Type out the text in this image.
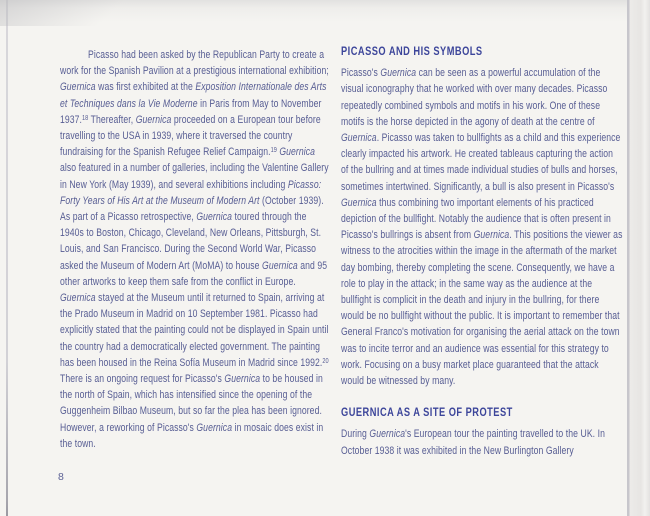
Picasso had been asked by the Republican Party to create a work for the Spanish Pavilion at a prestigious international exhibition; Guernica was first exhibited at the Exposition Internationale des Arts et Techniques dans la Vie Moderne in Paris from May to November 1937.18 Thereafter, Guernica proceeded on a European tour before travelling to the USA in 1939, where it traversed the country fundraising for the Spanish Refugee Relief Campaign.$^{19}$ Guernica also featured in a number of galleries, including the Valentine Gallery in New York (May 1939), and several exhibitions including Picasso: Forty Years of His Art at the Museum of Modern Art (October 1939). As part of a Picasso retrospective, Guernica toured through the 1940s to Boston, Chicago, Cleveland, New Orleans, Pittsburgh, St. Louis, and San Francisco. During the Second World War, Picasso asked the Museum of Modern Art (MoMA) to house Guernica and 95 other artworks to keep them safe from the conflict in Europe. Guernica stayed at the Museum until it returned to Spain, arriving at the Prado Museum in Madrid on 10 September 1981. Picasso had explicitly stated that the painting could not be displayed in Spain until the country had a democratically elected government. The painting has been housed in the Reina Sofía Museum in Madrid since 1992.20 There is an ongoing request for Picasso's Guernica to be housed in the north of Spain, which has intensified since the opening of the Guggenheim Bilbao Museum, but so far the plea has been ignored. However, a reworking of Picasso's Guernica in mosaic does exist in the town.

PICASSO AND HIS SYMBOLS

Picasso's Guernica can be seen as a powerful accumulation of the visual iconography that he worked with over many decades. Picasso repeatedly combined symbols and motifs in his work. One of these motifs is the horse depicted in the agony of death at the centre of Guernica. Picasso was taken to bullfights as a child and this experience clearly impacted his artwork. He created tableaus capturing the action of the bullring and at times made individual studies of bulls and horses, sometimes intertwined. Significantly, a bull is also present in Picasso's Guernica thus combining two important elements of his practiced depiction of the bullfight. Notably the audience that is often present in Picasso's bullrings is absent from Guernica. This positions the viewer as witness to the atrocities within the image in the aftermath of the market day bombing, thereby completing the scene. Consequently, we have a role to play in the attack; in the same way as the audience at the bullfight is complicit in the death and injury in the bullring, for there would be no bullfight without the public. It is important to remember that General Franco's motivation for organising the aerial attack on the town was to incite terror and an audience was essential for this strategy to work. Focusing on a busy market place guaranteed that the attack would be witnessed by many.

GUERNICA AS A SITE OF PROTEST

During Guernica's European tour the painting travelled to the UK. In October 1938 it was exhibited in the New Burlington Gallery

8
